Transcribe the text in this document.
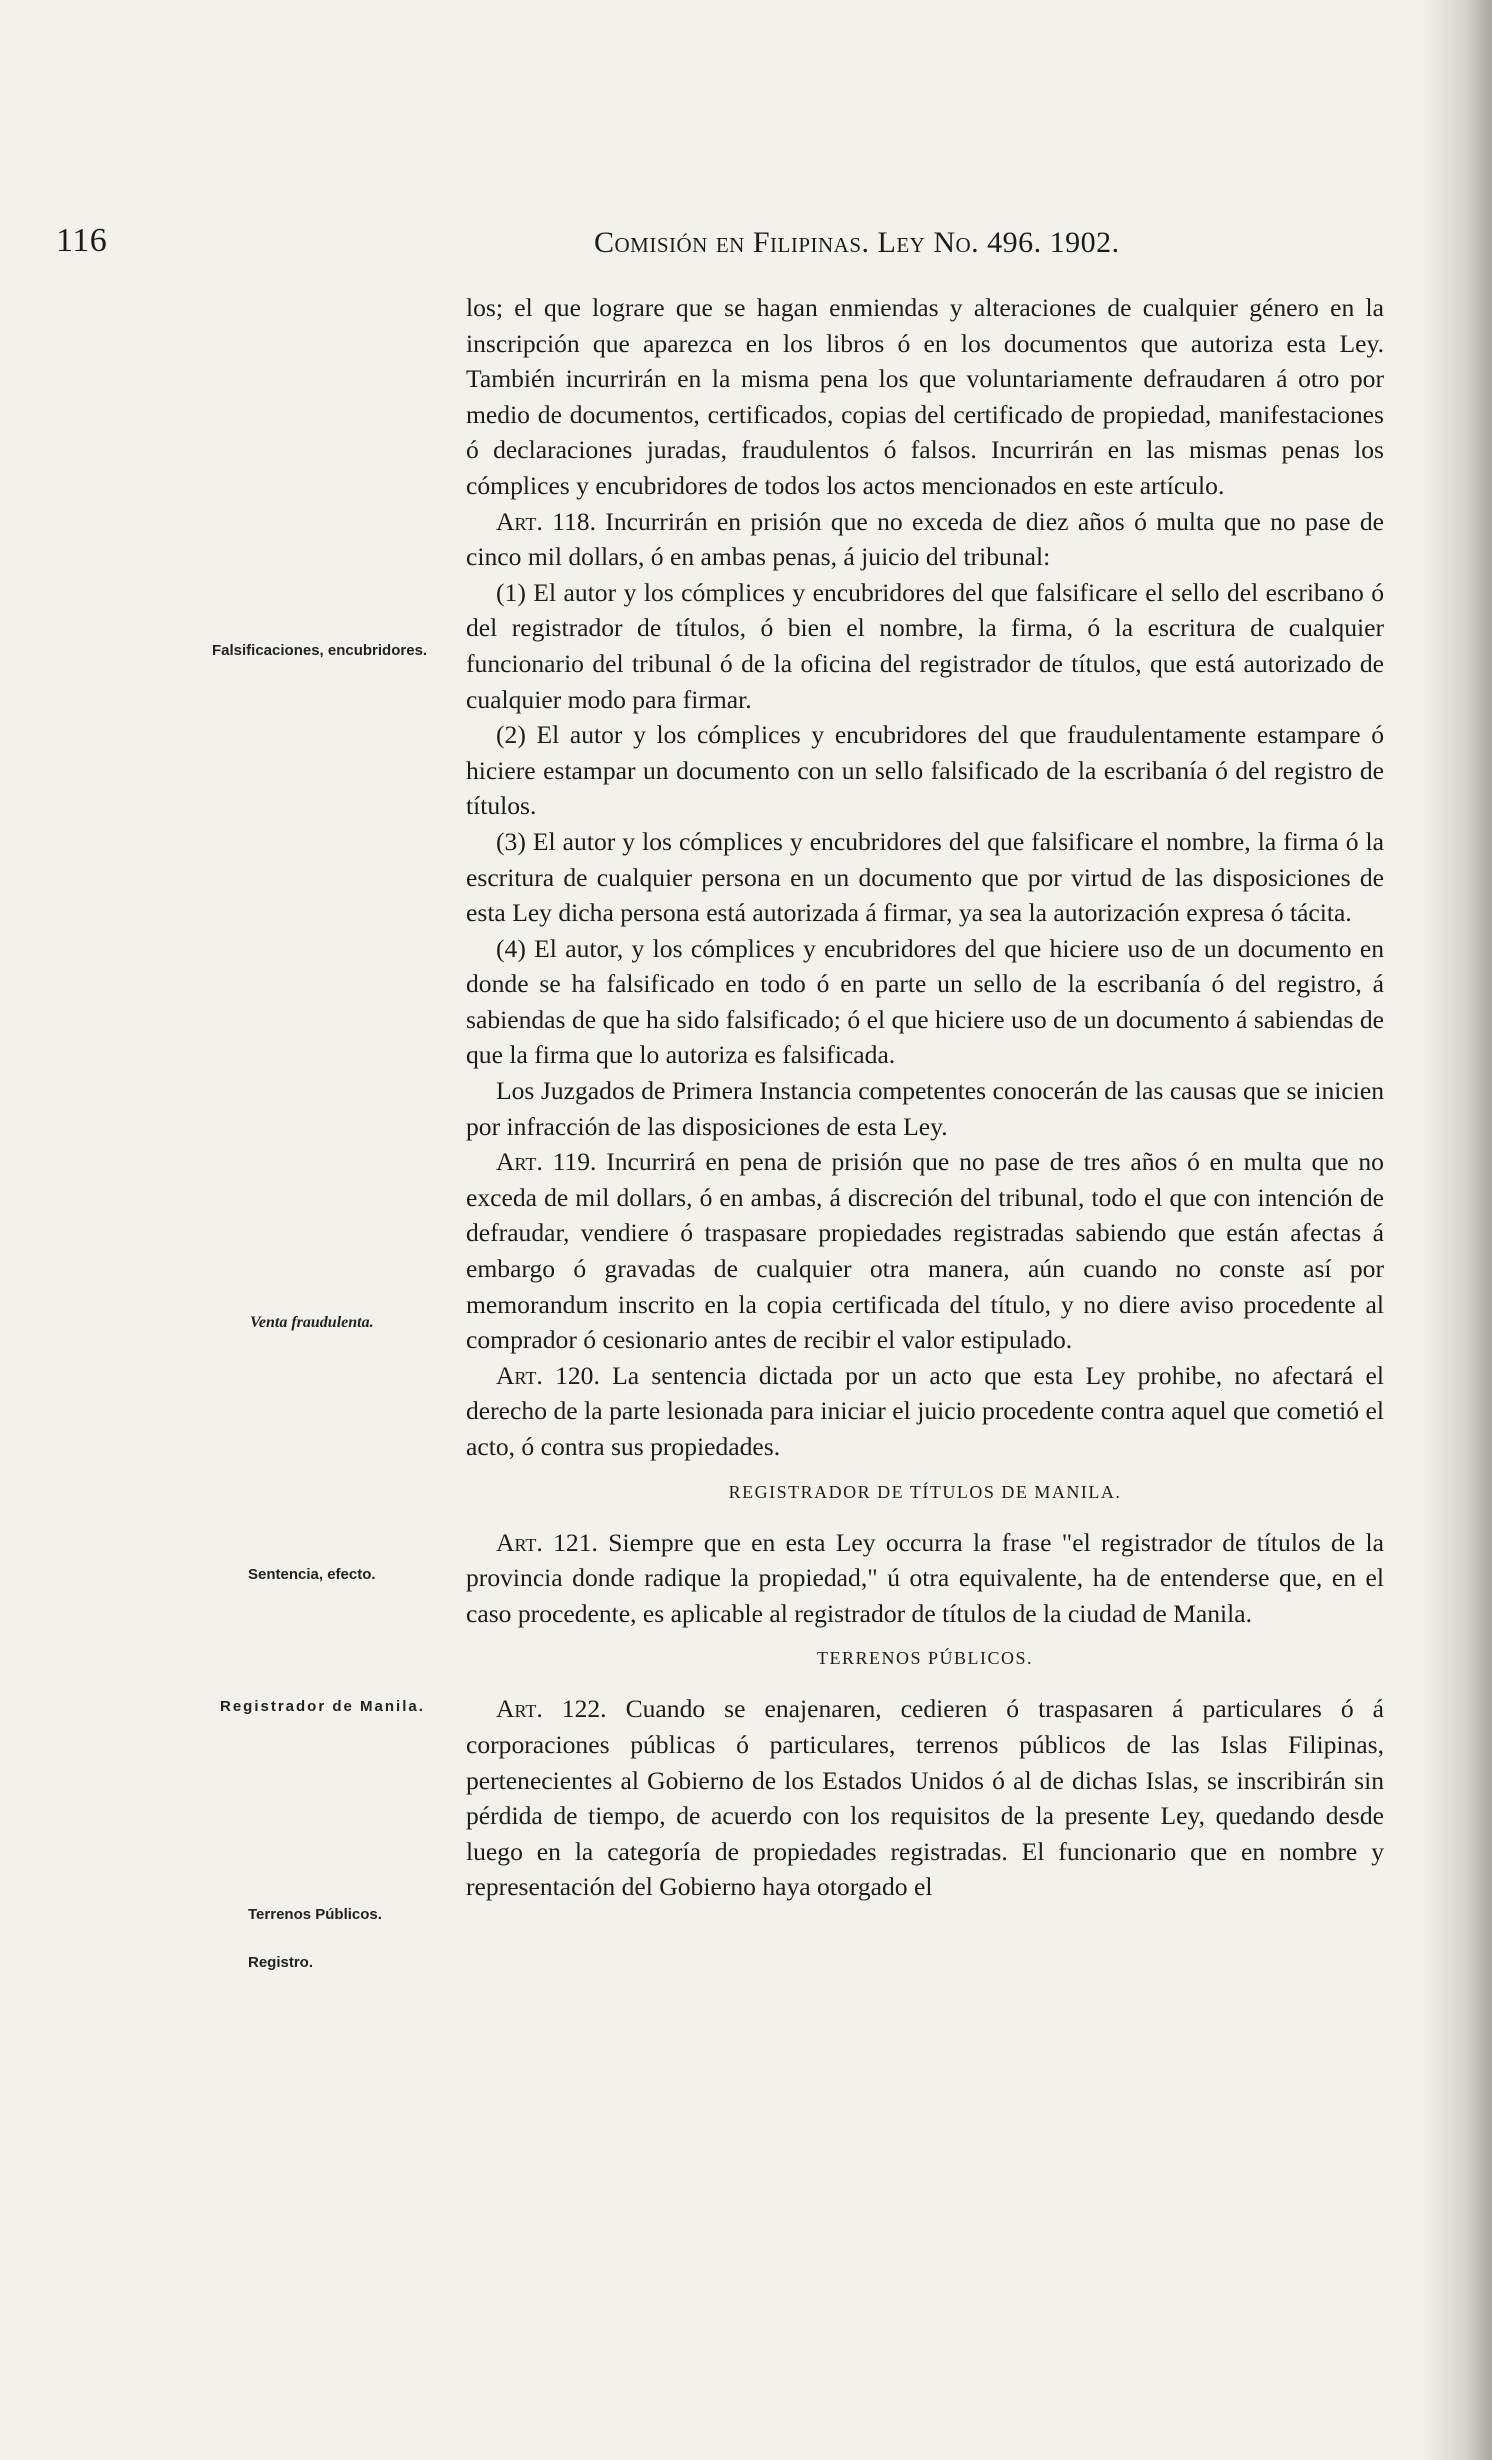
116	Comisión en Filipinas. Ley No. 496. 1902.
Falsificaciones, encubridores.
Venta fraudulenta.
Sentencia, efecto.
Registrador de Manila.
Terrenos Públicos.
Registro.

los; el que lograre que se hagan enmiendas y alteraciones de cualquier género en la inscripción que aparezca en los libros ó en los documentos que autoriza esta Ley. También incurrirán en la misma pena los que voluntariamente defraudaren á otro por medio de documentos, certificados, copias del certificado de propiedad, manifestaciones ó declaraciones juradas, fraudulentos ó falsos. Incurrirán en las mismas penas los cómplices y encubridores de todos los actos mencionados en este artículo.

Art. 118. Incurrirán en prisión que no exceda de diez años ó multa que no pase de cinco mil dollars, ó en ambas penas, á juicio del tribunal:

(1) El autor y los cómplices y encubridores del que falsificare el sello del escribano ó del registrador de títulos, ó bien el nombre, la firma, ó la escritura de cualquier funcionario del tribunal ó de la oficina del registrador de títulos, que está autorizado de cualquier modo para firmar.

(2) El autor y los cómplices y encubridores del que fraudulentamente estampare ó hiciere estampar un documento con un sello falsificado de la escribanía ó del registro de títulos.

(3) El autor y los cómplices y encubridores del que falsificare el nombre, la firma ó la escritura de cualquier persona en un documento que por virtud de las disposiciones de esta Ley dicha persona está autorizada á firmar, ya sea la autorización expresa ó tácita.

(4) El autor, y los cómplices y encubridores del que hiciere uso de un documento en donde se ha falsificado en todo ó en parte un sello de la escribanía ó del registro, á sabiendas de que ha sido falsificado; ó el que hiciere uso de un documento á sabiendas de que la firma que lo autoriza es falsificada.

Los Juzgados de Primera Instancia competentes conocerán de las causas que se inicien por infracción de las disposiciones de esta Ley.

Art. 119. Incurrirá en pena de prisión que no pase de tres años ó en multa que no exceda de mil dollars, ó en ambas, á discreción del tribunal, todo el que con intención de defraudar, vendiere ó traspasare propiedades registradas sabiendo que están afectas á embargo ó gravadas de cualquier otra manera, aún cuando no conste así por memorandum inscrito en la copia certificada del título, y no diere aviso procedente al comprador ó cesionario antes de recibir el valor estipulado.

Art. 120. La sentencia dictada por un acto que esta Ley prohibe, no afectará el derecho de la parte lesionada para iniciar el juicio procedente contra aquel que cometió el acto, ó contra sus propiedades.

REGISTRADOR DE TÍTULOS DE MANILA.

Art. 121. Siempre que en esta Ley occurra la frase "el registrador de títulos de la provincia donde radique la propiedad," ú otra equivalente, ha de entenderse que, en el caso procedente, es aplicable al registrador de títulos de la ciudad de Manila.

TERRENOS PÚBLICOS.

Art. 122. Cuando se enajenaren, cedieren ó traspasaren á particulares ó á corporaciones públicas ó particulares, terrenos públicos de las Islas Filipinas, pertenecientes al Gobierno de los Estados Unidos ó al de dichas Islas, se inscribirán sin pérdida de tiempo, de acuerdo con los requisitos de la presente Ley, quedando desde luego en la categoría de propiedades registradas. El funcionario que en nombre y representación del Gobierno haya otorgado el
